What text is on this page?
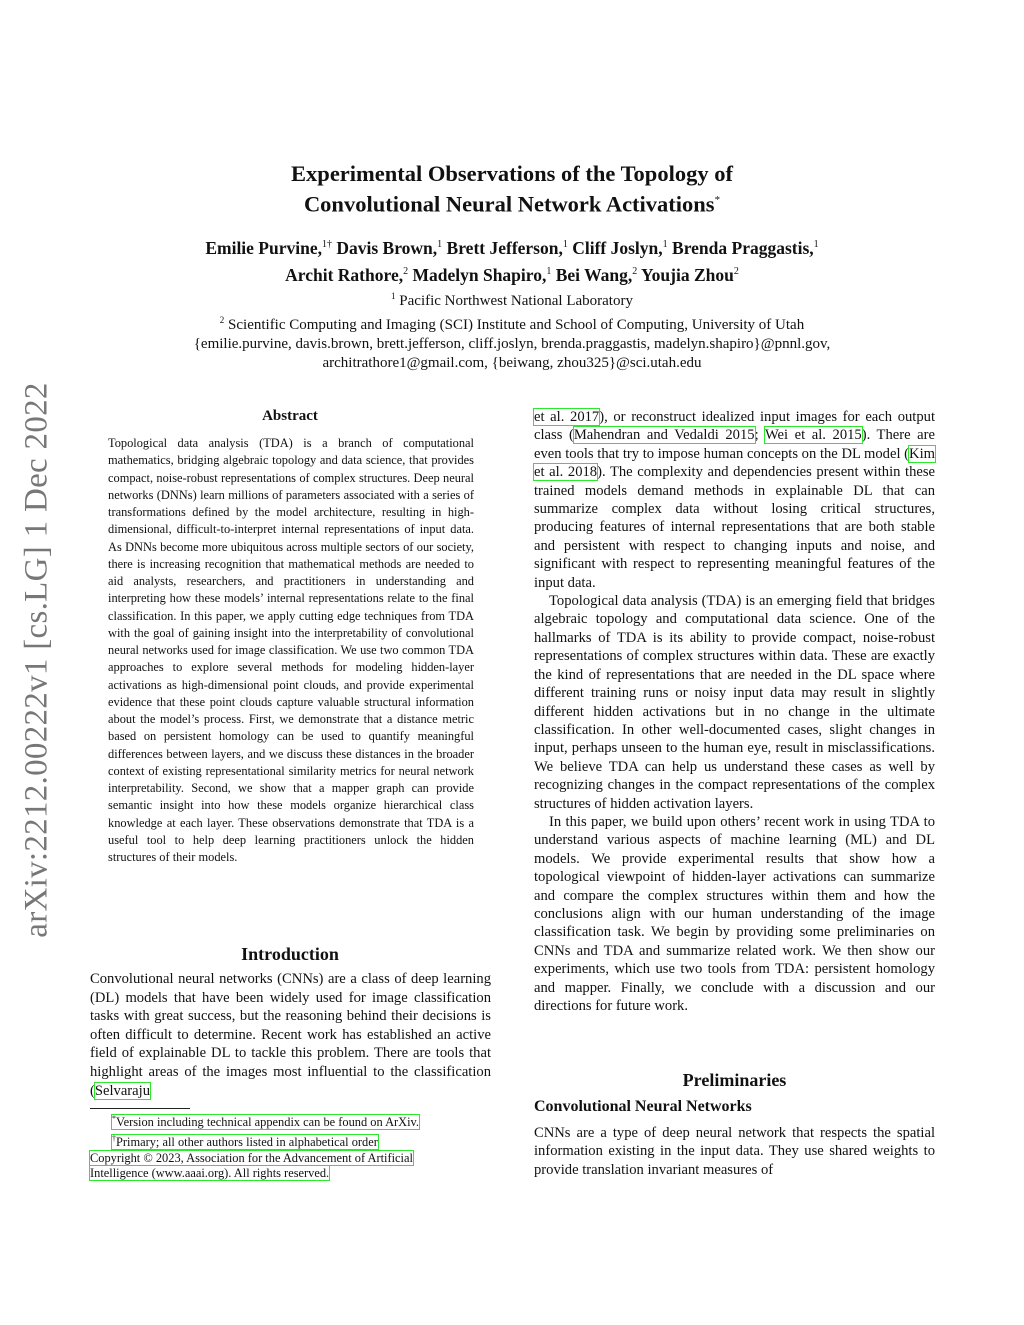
arXiv:2212.00222v1 [cs.LG] 1 Dec 2022
Experimental Observations of the Topology of
Convolutional Neural Network Activations*
Emilie Purvine,$^{1\dagger}$ Davis Brown,$^1$ Brett Jefferson,$^1$ Cliff Joslyn,$^1$ Brenda Praggastis,$^1$
Archit Rathore,$^2$ Madelyn Shapiro,$^1$ Bei Wang,$^2$ Youjia Zhou$^2$
$^1$ Pacific Northwest National Laboratory
$^2$ Scientific Computing and Imaging (SCI) Institute and School of Computing, University of Utah
{emilie.purvine, davis.brown, brett.jefferson, cliff.joslyn, brenda.praggastis, madelyn.shapiro}@pnnl.gov,
architrathore1@gmail.com, {beiwang, zhou325}@sci.utah.edu
Abstract
Topological data analysis (TDA) is a branch of computational mathematics, bridging algebraic topology and data science, that provides compact, noise-robust representations of complex structures. Deep neural networks (DNNs) learn millions of parameters associated with a series of transformations defined by the model architecture, resulting in high-dimensional, difficult-to-interpret internal representations of input data. As DNNs become more ubiquitous across multiple sectors of our society, there is increasing recognition that mathematical methods are needed to aid analysts, researchers, and practitioners in understanding and interpreting how these models’ internal representations relate to the final classification. In this paper, we apply cutting edge techniques from TDA with the goal of gaining insight into the interpretability of convolutional neural networks used for image classification. We use two common TDA approaches to explore several methods for modeling hidden-layer activations as high-dimensional point clouds, and provide experimental evidence that these point clouds capture valuable structural information about the model’s process. First, we demonstrate that a distance metric based on persistent homology can be used to quantify meaningful differences between layers, and we discuss these distances in the broader context of existing representational similarity metrics for neural network interpretability. Second, we show that a mapper graph can provide semantic insight into how these models organize hierarchical class knowledge at each layer. These observations demonstrate that TDA is a useful tool to help deep learning practitioners unlock the hidden structures of their models.
Introduction
Convolutional neural networks (CNNs) are a class of deep learning (DL) models that have been widely used for image classification tasks with great success, but the reasoning behind their decisions is often difficult to determine. Recent work has established an active field of explainable DL to tackle this problem. There are tools that highlight areas of the images most influential to the classification (Selvaraju
*Version including technical appendix can be found on ArXiv.
†Primary; all other authors listed in alphabetical order
Copyright © 2023, Association for the Advancement of Artificial
Intelligence (www.aaai.org). All rights reserved.

et al. 2017), or reconstruct idealized input images for each output class (Mahendran and Vedaldi 2015; Wei et al. 2015). There are even tools that try to impose human concepts on the DL model (Kim et al. 2018). The complexity and dependencies present within these trained models demand methods in explainable DL that can summarize complex data without losing critical structures, producing features of internal representations that are both stable and persistent with respect to changing inputs and noise, and significant with respect to representing meaningful features of the input data.

Topological data analysis (TDA) is an emerging field that bridges algebraic topology and computational data science. One of the hallmarks of TDA is its ability to provide compact, noise-robust representations of complex structures within data. These are exactly the kind of representations that are needed in the DL space where different training runs or noisy input data may result in slightly different hidden activations but in no change in the ultimate classification. In other well-documented cases, slight changes in input, perhaps unseen to the human eye, result in misclassifications. We believe TDA can help us understand these cases as well by recognizing changes in the compact representations of the complex structures of hidden activation layers.

In this paper, we build upon others’ recent work in using TDA to understand various aspects of machine learning (ML) and DL models. We provide experimental results that show how a topological viewpoint of hidden-layer activations can summarize and compare the complex structures within them and how the conclusions align with our human understanding of the image classification task. We begin by providing some preliminaries on CNNs and TDA and summarize related work. We then show our experiments, which use two tools from TDA: persistent homology and mapper. Finally, we conclude with a discussion and our directions for future work.

Preliminaries
Convolutional Neural Networks
CNNs are a type of deep neural network that respects the spatial information existing in the input data. They use shared weights to provide translation invariant measures of
